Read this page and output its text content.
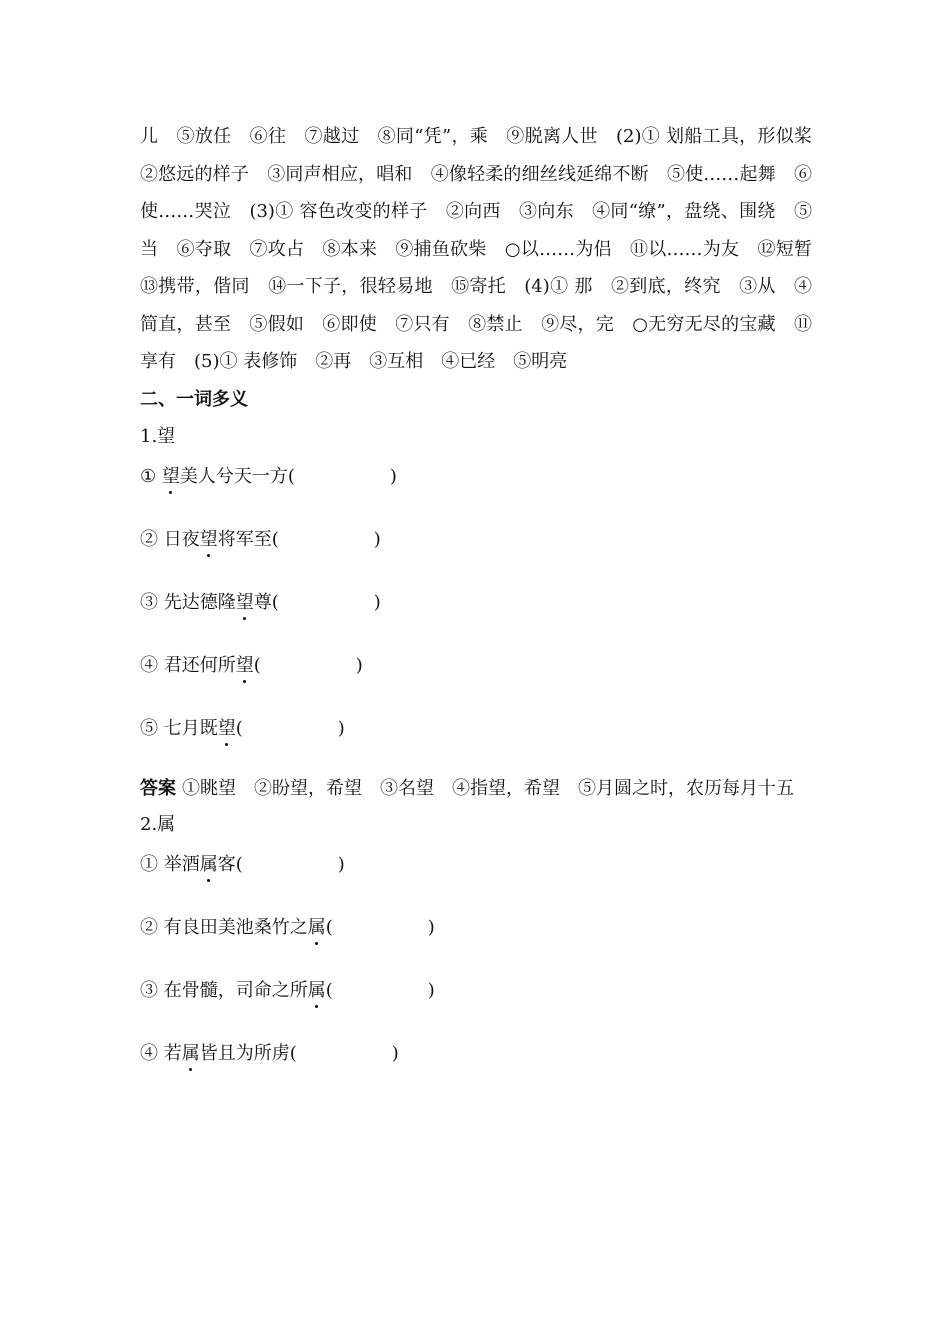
儿　⑤放任　⑥往　⑦越过　⑧同“凭”，乘　⑨脱离人世　(2)① 划船工具，形似桨　②悠远的样子　③同声相应，唱和　④像轻柔的细丝线延绵不断　⑤使……起舞　⑥使……哭泣　(3)① 容色改变的样子　②向西　③向东　④同“缭”，盘绕、围绕　⑤当　⑥夺取　⑦攻占　⑧本来　⑨捕鱼砍柴　○以……为侣　⑪以……为友　⑫短暂　⑬携带，偕同　⑭一下子，很轻易地　⑮寄托　(4)① 那　②到底，终究　③从　④简直，甚至　⑤假如　⑥即使　⑦只有　⑧禁止　⑨尽，完　○无穷无尽的宝藏　⑪享有　(5)① 表修饰　②再　③互相　④已经　⑤明亮

二、一词多义
1.望
① 望美人兮天一方(	)
② 日夜望将军至(	)
③ 先达德隆望尊(	)
④ 君还何所望(	)
⑤ 七月既望(	)

答案 ①眺望　②盼望，希望　③名望　④指望，希望　⑤月圆之时，农历每月十五

2.属
① 举酒属客(	)
② 有良田美池桑竹之属(	)
③ 在骨髓，司命之所属(	)
④ 若属皆且为所虏(	)
